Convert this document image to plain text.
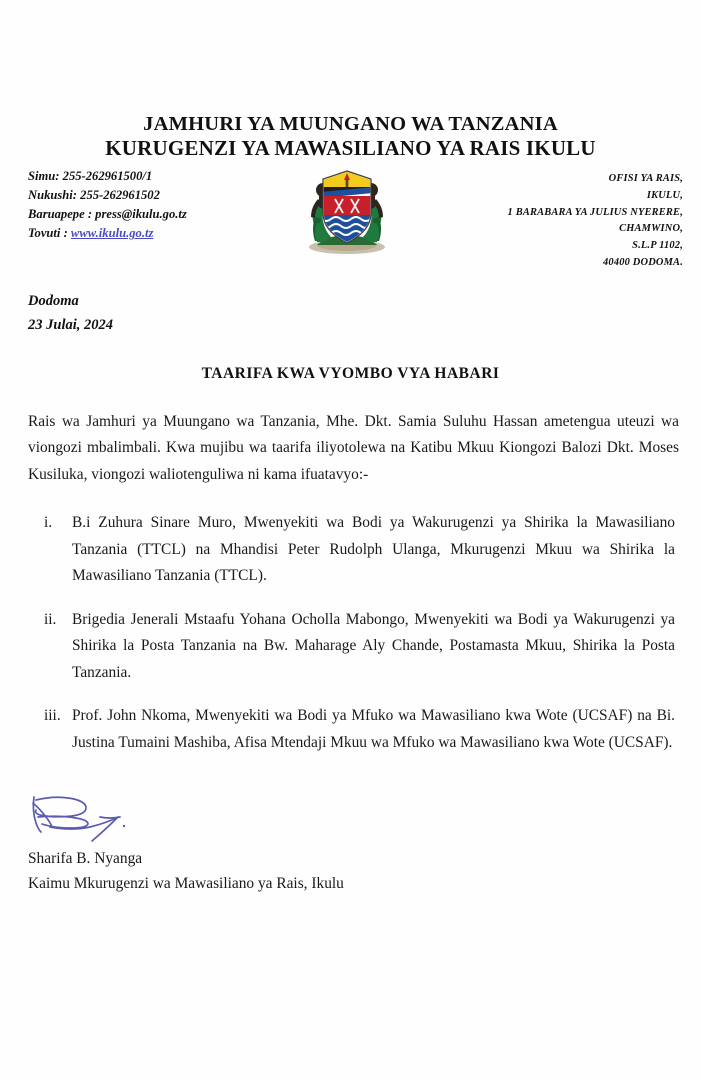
JAMHURI YA MUUNGANO WA TANZANIA
KURUGENZI YA MAWASILIANO YA RAIS IKULU
Simu: 255-262961500/1
Nukushi: 255-262961502
Baruapepe : press@ikulu.go.tz
Tovuti : www.ikulu.go.tz
OFISI YA RAIS,
IKULU,
1 BARABARA YA JULIUS NYERERE,
CHAMWINO,
S.L.P 1102,
40400 DODOMA.
Dodoma
23 Julai, 2024
TAARIFA KWA VYOMBO VYA HABARI

Rais wa Jamhuri ya Muungano wa Tanzania, Mhe. Dkt. Samia Suluhu Hassan ametengua uteuzi wa viongozi mbalimbali. Kwa mujibu wa taarifa iliyotolewa na Katibu Mkuu Kiongozi Balozi Dkt. Moses Kusiluka, viongozi waliotenguliwa ni kama ifuatavyo:-

i.	B.i Zuhura Sinare Muro, Mwenyekiti wa Bodi ya Wakurugenzi ya Shirika la Mawasiliano Tanzania (TTCL) na Mhandisi Peter Rudolph Ulanga, Mkurugenzi Mkuu wa Shirika la Mawasiliano Tanzania (TTCL).
ii.	Brigedia Jenerali Mstaafu Yohana Ocholla Mabongo, Mwenyekiti wa Bodi ya Wakurugenzi ya Shirika la Posta Tanzania na Bw. Maharage Aly Chande, Postamasta Mkuu, Shirika la Posta Tanzania.
iii. Prof. John Nkoma, Mwenyekiti wa Bodi ya Mfuko wa Mawasiliano kwa Wote (UCSAF) na Bi. Justina Tumaini Mashiba, Afisa Mtendaji Mkuu wa Mfuko wa Mawasiliano kwa Wote (UCSAF).
Sharifa B. Nyanga
Kaimu Mkurugenzi wa Mawasiliano ya Rais, Ikulu
